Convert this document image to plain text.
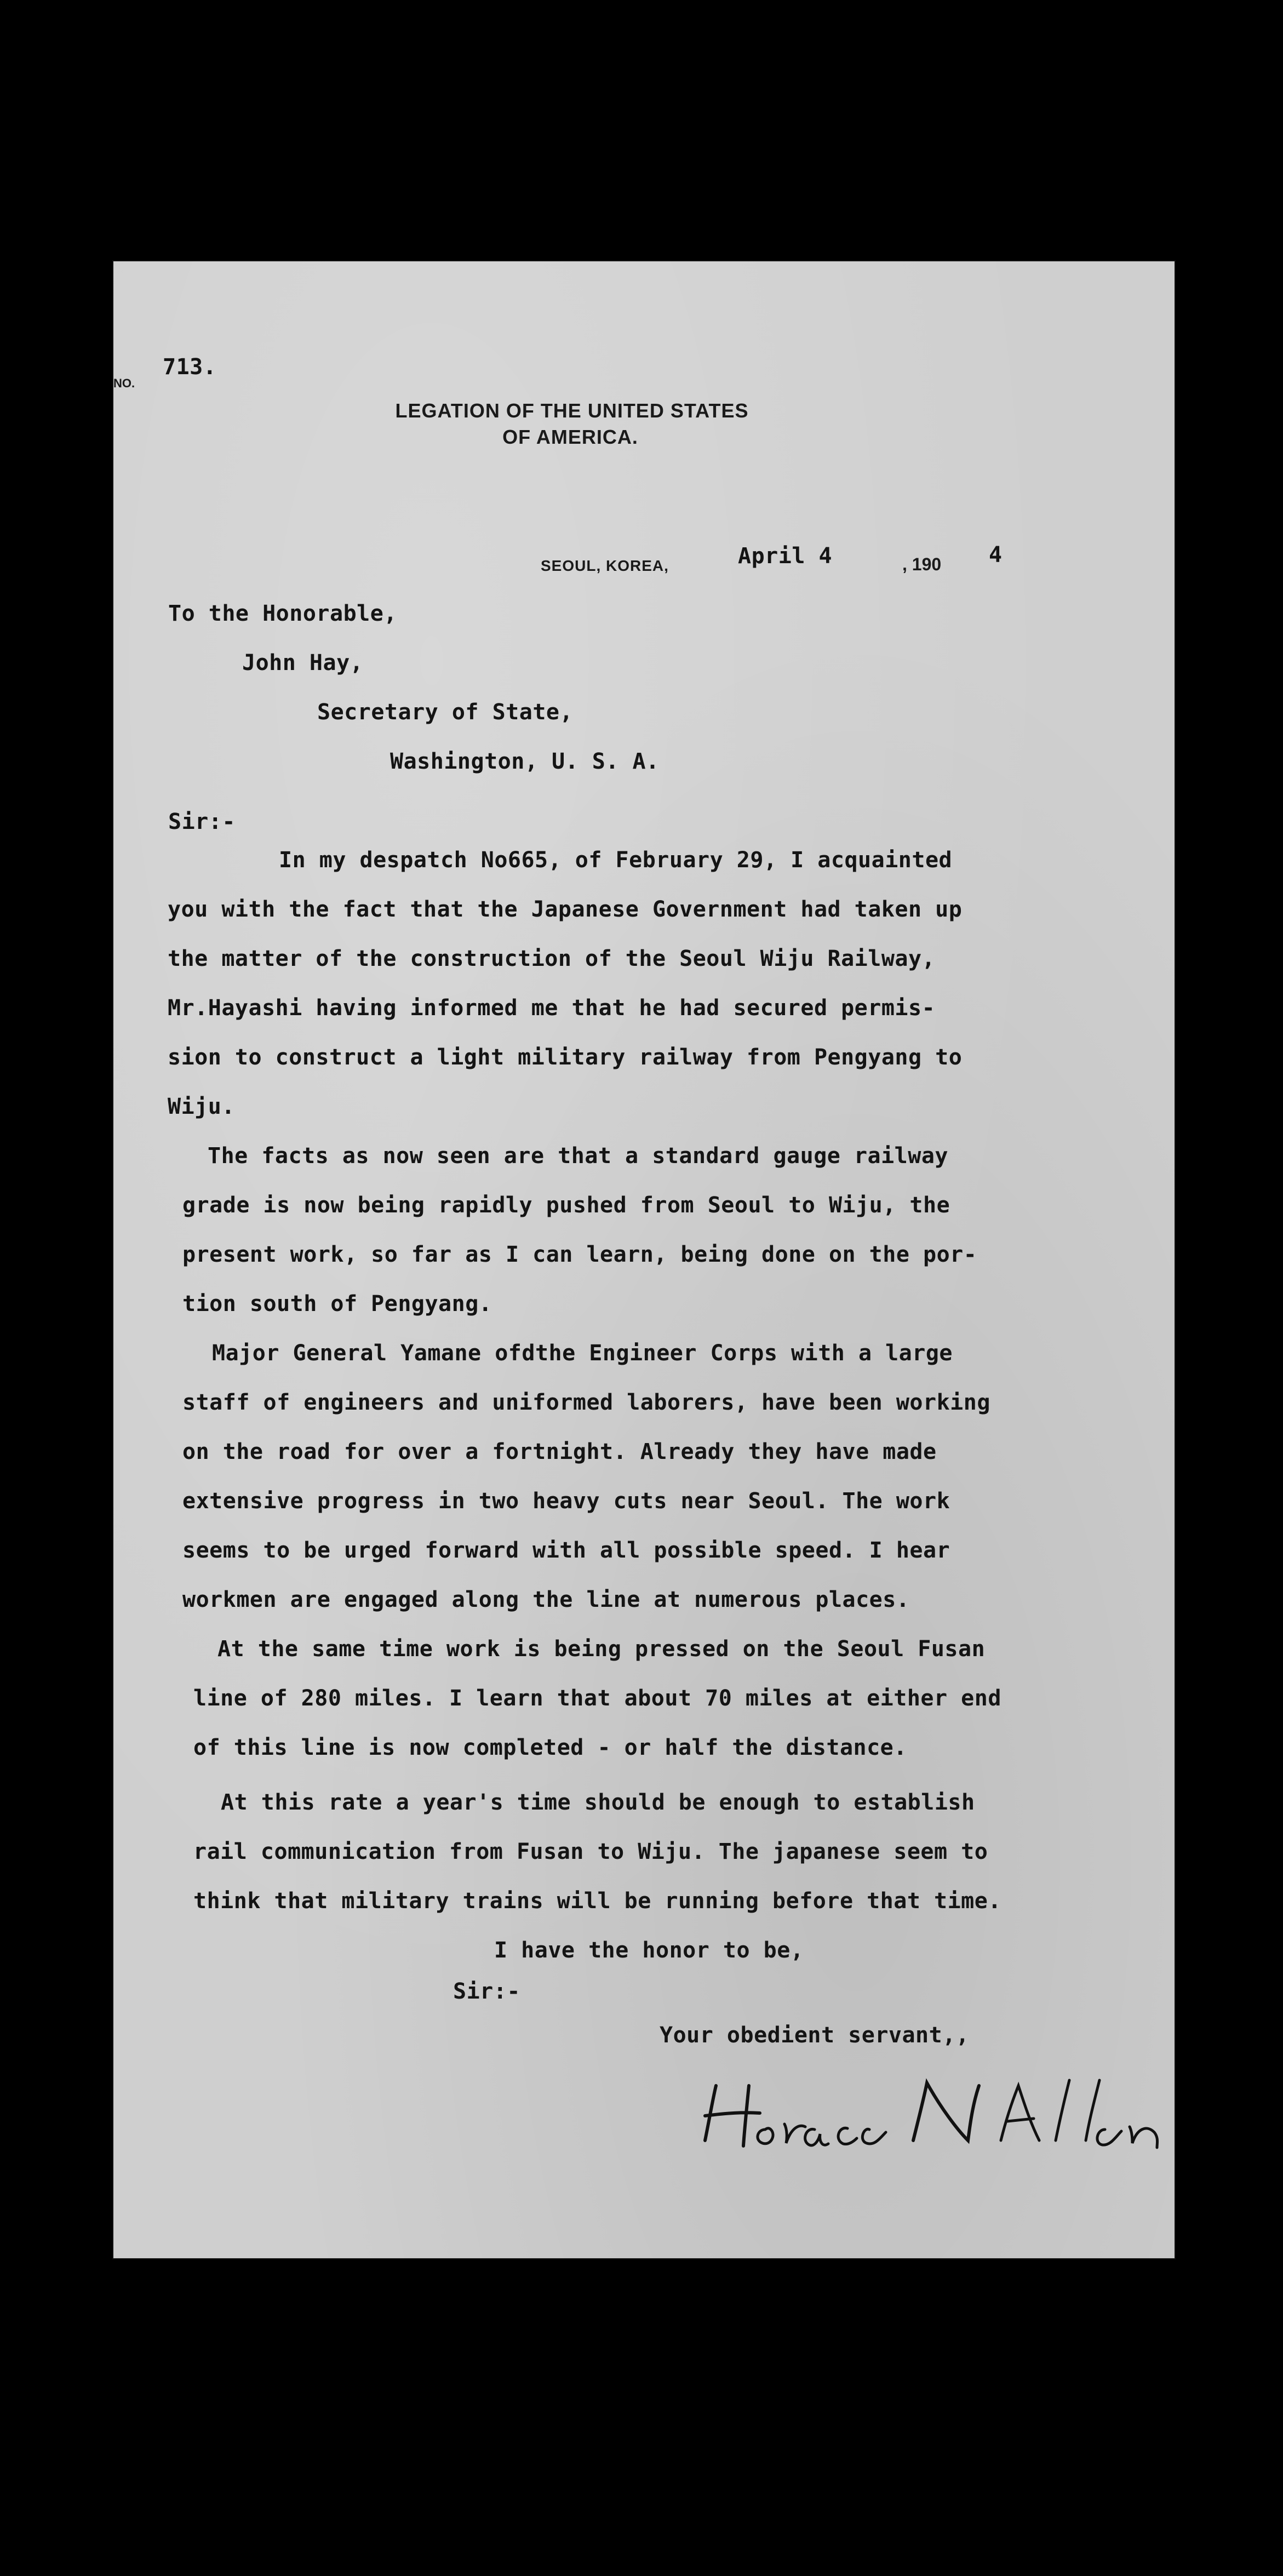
NO.
713.
LEGATION OF THE UNITED STATES
OF AMERICA.
SEOUL, KOREA,	April 4	, 190 4
To the Honorable,
John Hay,
Secretary of State,
Washington, U. S. A.
Sir:-
In my despatch No665, of February 29, I acquainted
you with the fact that the Japanese Government had taken up
the matter of the construction of the Seoul Wiju Railway,
Mr.Hayashi having informed me that he had secured permis-
sion to construct a light military railway from Pengyang to
Wiju.
The facts as now seen are that a standard gauge railway
grade is now being rapidly pushed from Seoul to Wiju, the
present work, so far as I can learn, being done on the por-
tion south of Pengyang.
Major General Yamane ofdthe Engineer Corps with a large
staff of engineers and uniformed laborers, have been working
on the road for over a fortnight. Already they have made
extensive progress in two heavy cuts near Seoul. The work
seems to be urged forward with all possible speed. I hear
workmen are engaged along the line at numerous places.
At the same time work is being pressed on the Seoul Fusan
line of 280 miles. I learn that about 70 miles at either end
of this line is now completed - or half the distance.
At this rate a year's time should be enough to establish
rail communication from Fusan to Wiju. The japanese seem to
think that military trains will be running before that time.
I have the honor to be,
Sir:-
Your obedient servant,,
